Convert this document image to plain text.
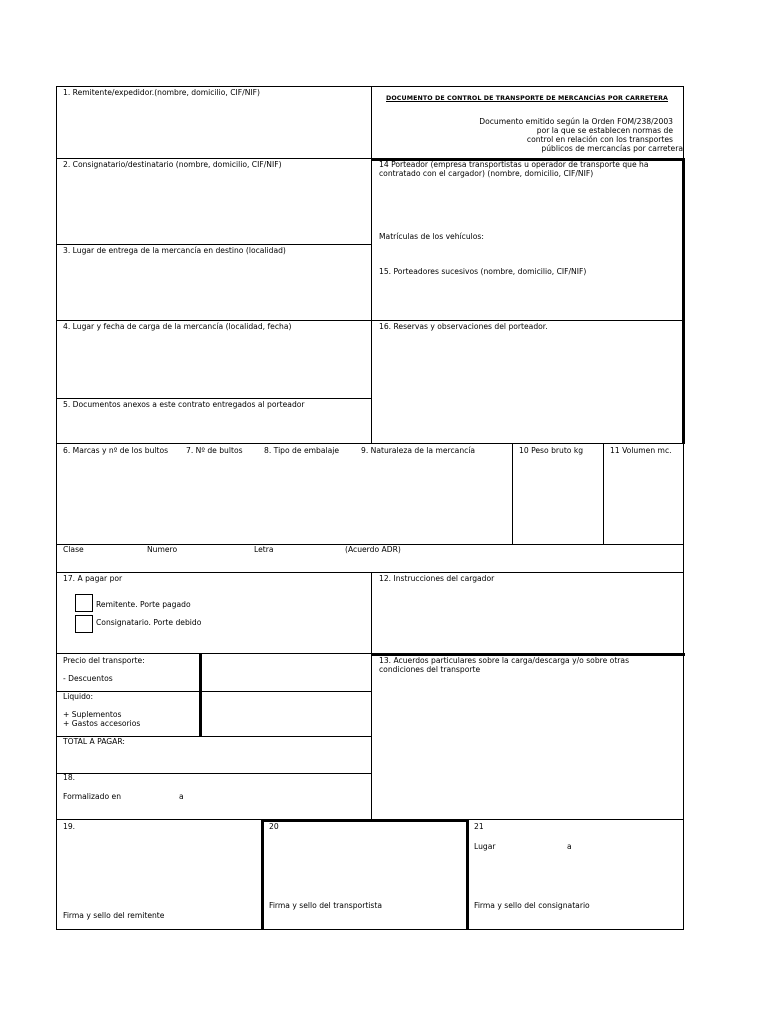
1. Remitente/expedidor.(nombre, domicilio, CIF/NIF)
DOCUMENTO DE CONTROL DE TRANSPORTE DE MERCANCÍAS POR CARRETERA
Documento emitido según la Orden FOM/238/2003
por la que se establecen normas de
control en relación con los transportes
públicos de mercancías por carretera
2. Consignatario/destinatario (nombre, domicilio, CIF/NIF)	14 Porteador (empresa transportistas u operador de transporte que ha contratado con el cargador) (nombre, domicilio, CIF/NIF)
Matrículas de los vehículos:
3. Lugar de entrega de la mercancía en destino (localidad)
15. Porteadores sucesivos (nombre, domicilio, CIF/NIF)
4. Lugar y fecha de carga de la mercancía (localidad, fecha)	16. Reservas y observaciones del porteador.
5. Documentos anexos a este contrato entregados al porteador
6. Marcas y nº de los bultos 7. Nº de bultos	8. Tipo de embalaje	9. Naturaleza de la mercancía	10 Peso bruto kg	11 Volumen mc.
Clase	Numero	Letra	(Acuerdo ADR)
17. A pagar por
Remitente. Porte pagado
Consignatario. Porte debido
12. Instrucciones del cargador
Precio del transporte:
- Descuentos
Liquido:
+ Suplementos
+ Gastos accesorios
TOTAL A PAGAR:
13. Acuerdos particulares sobre la carga/descarga y/o sobre otras condiciones del transporte
18.
Formalizado en	a
19.
Firma y sello del remitente
20
Firma y sello del transportista
21
Lugar	a
Firma y sello del consignatario
